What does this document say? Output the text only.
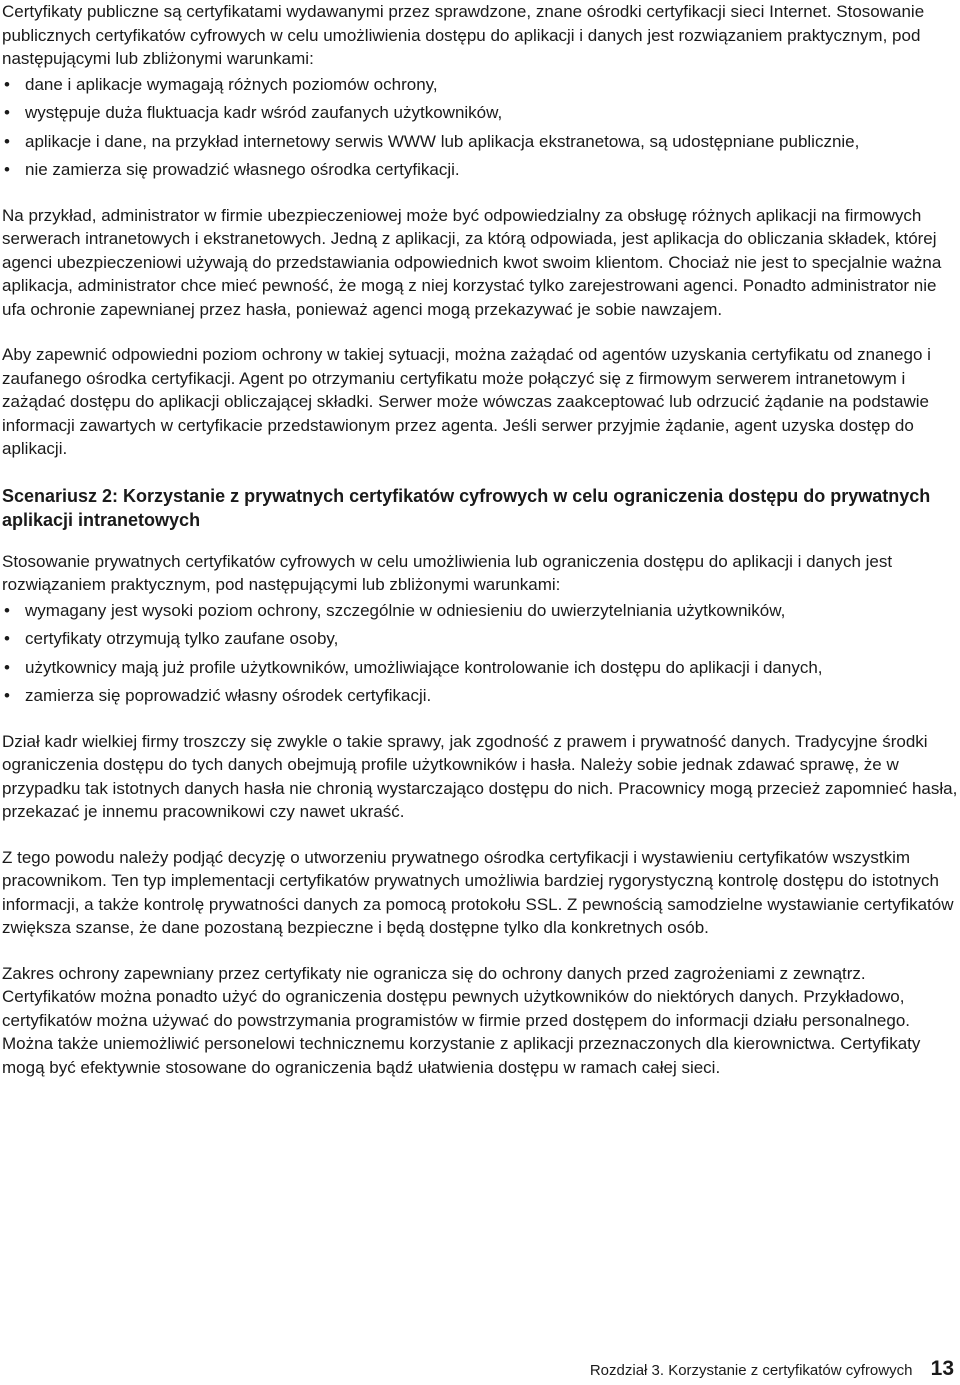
Certyfikaty publiczne są certyfikatami wydawanymi przez sprawdzone, znane ośrodki certyfikacji sieci Internet. Stosowanie publicznych certyfikatów cyfrowych w celu umożliwienia dostępu do aplikacji i danych jest rozwiązaniem praktycznym, pod następującymi lub zbliżonymi warunkami:

• dane i aplikacje wymagają różnych poziomów ochrony,
• występuje duża fluktuacja kadr wśród zaufanych użytkowników,
• aplikacje i dane, na przykład internetowy serwis WWW lub aplikacja ekstranetowa, są udostępniane publicznie,
• nie zamierza się prowadzić własnego ośrodka certyfikacji.

Na przykład, administrator w firmie ubezpieczeniowej może być odpowiedzialny za obsługę różnych aplikacji na firmowych serwerach intranetowych i ekstranetowych. Jedną z aplikacji, za którą odpowiada, jest aplikacja do obliczania składek, której agenci ubezpieczeniowi używają do przedstawiania odpowiednich kwot swoim klientom. Chociaż nie jest to specjalnie ważna aplikacja, administrator chce mieć pewność, że mogą z niej korzystać tylko zarejestrowani agenci. Ponadto administrator nie ufa ochronie zapewnianej przez hasła, ponieważ agenci mogą przekazywać je sobie nawzajem.

Aby zapewnić odpowiedni poziom ochrony w takiej sytuacji, można zażądać od agentów uzyskania certyfikatu od znanego i zaufanego ośrodka certyfikacji. Agent po otrzymaniu certyfikatu może połączyć się z firmowym serwerem intranetowym i zażądać dostępu do aplikacji obliczającej składki. Serwer może wówczas zaakceptować lub odrzucić żądanie na podstawie informacji zawartych w certyfikacie przedstawionym przez agenta. Jeśli serwer przyjmie żądanie, agent uzyska dostęp do aplikacji.

Scenariusz 2: Korzystanie z prywatnych certyfikatów cyfrowych w celu ograniczenia dostępu do prywatnych aplikacji intranetowych

Stosowanie prywatnych certyfikatów cyfrowych w celu umożliwienia lub ograniczenia dostępu do aplikacji i danych jest rozwiązaniem praktycznym, pod następującymi lub zbliżonymi warunkami:

• wymagany jest wysoki poziom ochrony, szczególnie w odniesieniu do uwierzytelniania użytkowników,
• certyfikaty otrzymują tylko zaufane osoby,
• użytkownicy mają już profile użytkowników, umożliwiające kontrolowanie ich dostępu do aplikacji i danych,
• zamierza się poprowadzić własny ośrodek certyfikacji.

Dział kadr wielkiej firmy troszczy się zwykle o takie sprawy, jak zgodność z prawem i prywatność danych. Tradycyjne środki ograniczenia dostępu do tych danych obejmują profile użytkowników i hasła. Należy sobie jednak zdawać sprawę, że w przypadku tak istotnych danych hasła nie chronią wystarczająco dostępu do nich. Pracownicy mogą przecież zapomnieć hasła, przekazać je innemu pracownikowi czy nawet ukraść.

Z tego powodu należy podjąć decyzję o utworzeniu prywatnego ośrodka certyfikacji i wystawieniu certyfikatów wszystkim pracownikom. Ten typ implementacji certyfikatów prywatnych umożliwia bardziej rygorystyczną kontrolę dostępu do istotnych informacji, a także kontrolę prywatności danych za pomocą protokołu SSL. Z pewnością samodzielne wystawianie certyfikatów zwiększa szanse, że dane pozostaną bezpieczne i będą dostępne tylko dla konkretnych osób.

Zakres ochrony zapewniany przez certyfikaty nie ogranicza się do ochrony danych przed zagrożeniami z zewnątrz. Certyfikatów można ponadto użyć do ograniczenia dostępu pewnych użytkowników do niektórych danych. Przykładowo, certyfikatów można używać do powstrzymania programistów w firmie przed dostępem do informacji działu personalnego. Można także uniemożliwić personelowi technicznemu korzystanie z aplikacji przeznaczonych dla kierownictwa. Certyfikaty mogą być efektywnie stosowane do ograniczenia bądź ułatwienia dostępu w ramach całej sieci.

Rozdział 3. Korzystanie z certyfikatów cyfrowych 13
